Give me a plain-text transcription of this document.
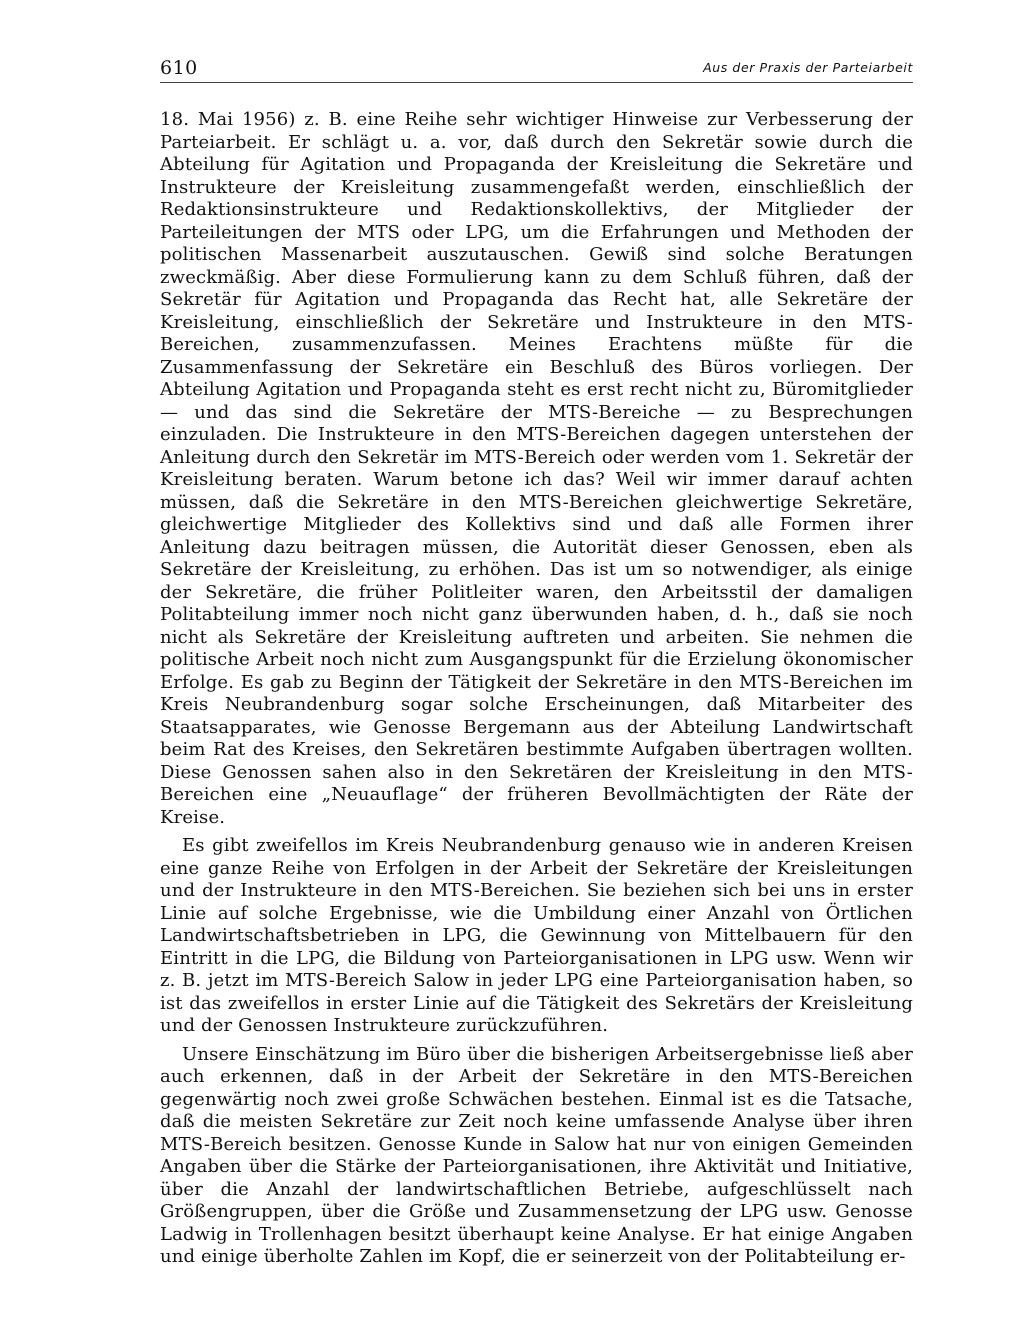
610	Aus der Praxis der Parteiarbeit

18. Mai 1956) z. B. eine Reihe sehr wichtiger Hinweise zur Verbesserung der Parteiarbeit. Er schlägt u. a. vor, daß durch den Sekretär sowie durch die Abteilung für Agitation und Propaganda der Kreisleitung die Sekretäre und Instrukteure der Kreisleitung zusammengefaßt werden, einschließlich der Redaktionsinstrukteure und Redaktionskollektivs, der Mitglieder der Parteileitungen der MTS oder LPG, um die Erfahrungen und Methoden der politischen Massenarbeit auszutauschen. Gewiß sind solche Beratungen zweckmäßig. Aber diese Formulierung kann zu dem Schluß führen, daß der Sekretär für Agitation und Propaganda das Recht hat, alle Sekretäre der Kreisleitung, einschließlich der Sekretäre und Instrukteure in den MTS-Bereichen, zusammenzufassen. Meines Erachtens müßte für die Zusammenfassung der Sekretäre ein Beschluß des Büros vorliegen. Der Abteilung Agitation und Propaganda steht es erst recht nicht zu, Büromitglieder — und das sind die Sekretäre der MTS-Bereiche — zu Besprechungen einzuladen. Die Instrukteure in den MTS-Bereichen dagegen unterstehen der Anleitung durch den Sekretär im MTS-Bereich oder werden vom 1. Sekretär der Kreisleitung beraten. Warum betone ich das? Weil wir immer darauf achten müssen, daß die Sekretäre in den MTS-Bereichen gleichwertige Sekretäre, gleichwertige Mitglieder des Kollektivs sind und daß alle Formen ihrer Anleitung dazu beitragen müssen, die Autorität dieser Genossen, eben als Sekretäre der Kreisleitung, zu erhöhen. Das ist um so notwendiger, als einige der Sekretäre, die früher Politleiter waren, den Arbeitsstil der damaligen Politabteilung immer noch nicht ganz überwunden haben, d. h., daß sie noch nicht als Sekretäre der Kreisleitung auftreten und arbeiten. Sie nehmen die politische Arbeit noch nicht zum Ausgangspunkt für die Erzielung ökonomischer Erfolge. Es gab zu Beginn der Tätigkeit der Sekretäre in den MTS-Bereichen im Kreis Neubrandenburg sogar solche Erscheinungen, daß Mitarbeiter des Staatsapparates, wie Genosse Bergemann aus der Abteilung Landwirtschaft beim Rat des Kreises, den Sekretären bestimmte Aufgaben übertragen wollten. Diese Genossen sahen also in den Sekretären der Kreisleitung in den MTS-Bereichen eine „Neuauflage“ der früheren Bevollmächtigten der Räte der Kreise.

Es gibt zweifellos im Kreis Neubrandenburg genauso wie in anderen Kreisen eine ganze Reihe von Erfolgen in der Arbeit der Sekretäre der Kreisleitungen und der Instrukteure in den MTS-Bereichen. Sie beziehen sich bei uns in erster Linie auf solche Ergebnisse, wie die Umbildung einer Anzahl von Örtlichen Landwirtschaftsbetrieben in LPG, die Gewinnung von Mittelbauern für den Eintritt in die LPG, die Bildung von Parteiorganisationen in LPG usw. Wenn wir z. B. jetzt im MTS-Bereich Salow in jeder LPG eine Parteiorganisation haben, so ist das zweifellos in erster Linie auf die Tätigkeit des Sekretärs der Kreisleitung und der Genossen Instrukteure zurückzuführen.

Unsere Einschätzung im Büro über die bisherigen Arbeitsergebnisse ließ aber auch erkennen, daß in der Arbeit der Sekretäre in den MTS-Bereichen gegenwärtig noch zwei große Schwächen bestehen. Einmal ist es die Tatsache, daß die meisten Sekretäre zur Zeit noch keine umfassende Analyse über ihren MTS-Bereich besitzen. Genosse Kunde in Salow hat nur von einigen Gemeinden Angaben über die Stärke der Parteiorganisationen, ihre Aktivität und Initiative, über die Anzahl der landwirtschaftlichen Betriebe, aufgeschlüsselt nach Größengruppen, über die Größe und Zusammensetzung der LPG usw. Genosse Ladwig in Trollenhagen besitzt überhaupt keine Analyse. Er hat einige Angaben und einige überholte Zahlen im Kopf, die er seinerzeit von der Politabteilung er-
